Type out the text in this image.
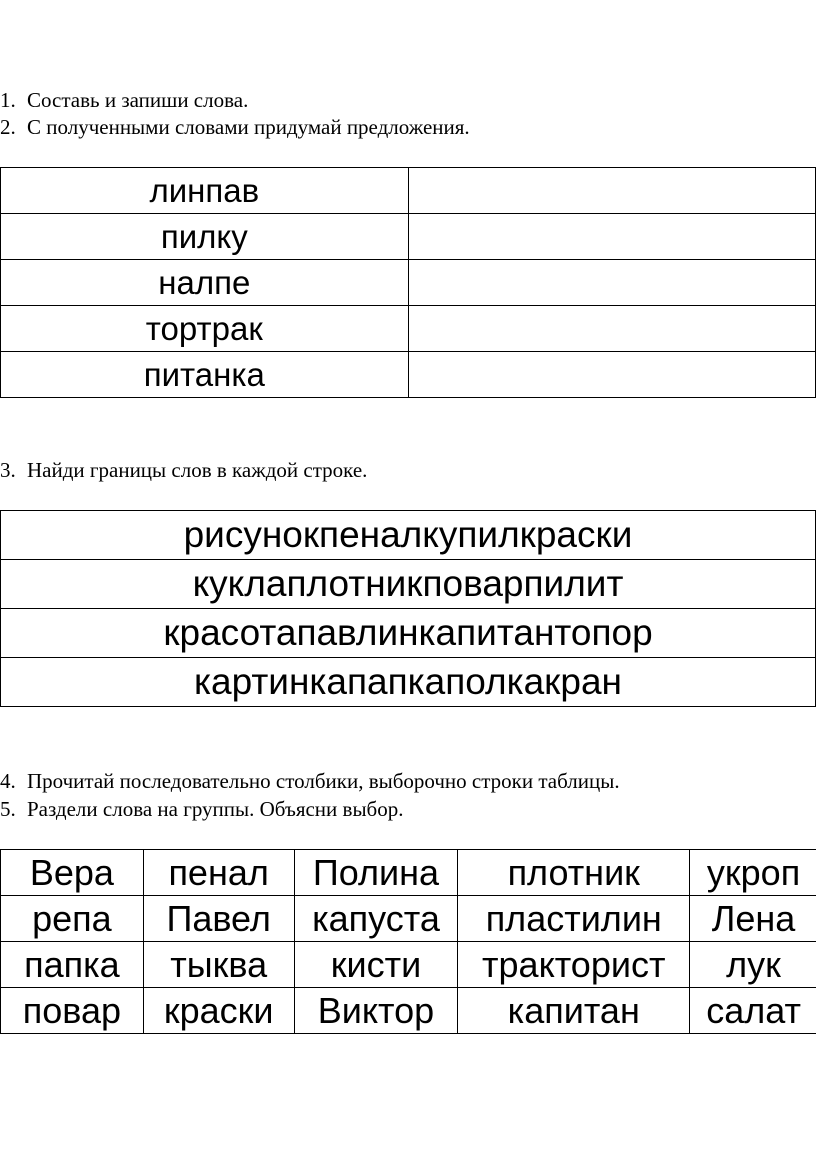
1. Составь и запиши слова.
2. С полученными словами придумай предложения.
линпав	
пилку	
налпе	
тортрак	
питанка	
3. Найди границы слов в каждой строке.
рисунокпеналкупилкраски
куклаплотникповарпилит
красотапавлинкапитантопор
картинкапапкаполкакран
4. Прочитай последовательно столбики, выборочно строки таблицы.
5. Раздели слова на группы. Объясни выбор.
Вера	пенал	Полина	плотник	укроп
репа	Павел	капуста	пластилин	Лена
папка	тыква	кисти	тракторист	лук
повар	краски	Виктор	капитан	салат
